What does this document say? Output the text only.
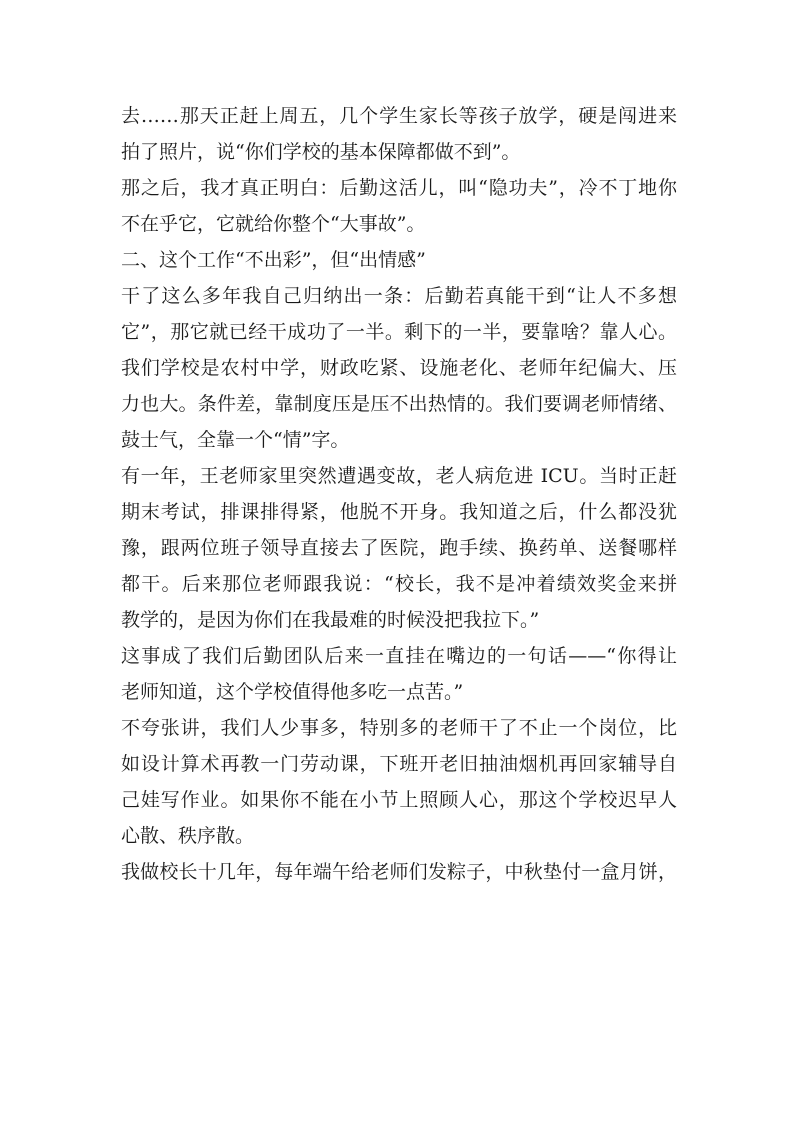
去……那天正赶上周五，几个学生家长等孩子放学，硬是闯进来
拍了照片，说“你们学校的基本保障都做不到”。
那之后，我才真正明白：后勤这活儿，叫“隐功夫”，冷不丁地你
不在乎它，它就给你整个“大事故”。
二、这个工作“不出彩”，但“出情感”
干了这么多年我自己归纳出一条：后勤若真能干到“让人不多想
它”，那它就已经干成功了一半。剩下的一半，要靠啥？靠人心。
我们学校是农村中学，财政吃紧、设施老化、老师年纪偏大、压
力也大。条件差，靠制度压是压不出热情的。我们要调老师情绪、
鼓士气，全靠一个“情”字。
有一年，王老师家里突然遭遇变故，老人病危进 ICU。当时正赶
期末考试，排课排得紧，他脱不开身。我知道之后，什么都没犹
豫，跟两位班子领导直接去了医院，跑手续、换药单、送餐哪样
都干。后来那位老师跟我说：“校长，我不是冲着绩效奖金来拼
教学的，是因为你们在我最难的时候没把我拉下。”
这事成了我们后勤团队后来一直挂在嘴边的一句话——“你得让
老师知道，这个学校值得他多吃一点苦。”
不夸张讲，我们人少事多，特别多的老师干了不止一个岗位，比
如设计算术再教一门劳动课，下班开老旧抽油烟机再回家辅导自
己娃写作业。如果你不能在小节上照顾人心，那这个学校迟早人
心散、秩序散。
我做校长十几年，每年端午给老师们发粽子，中秋垫付一盒月饼，
